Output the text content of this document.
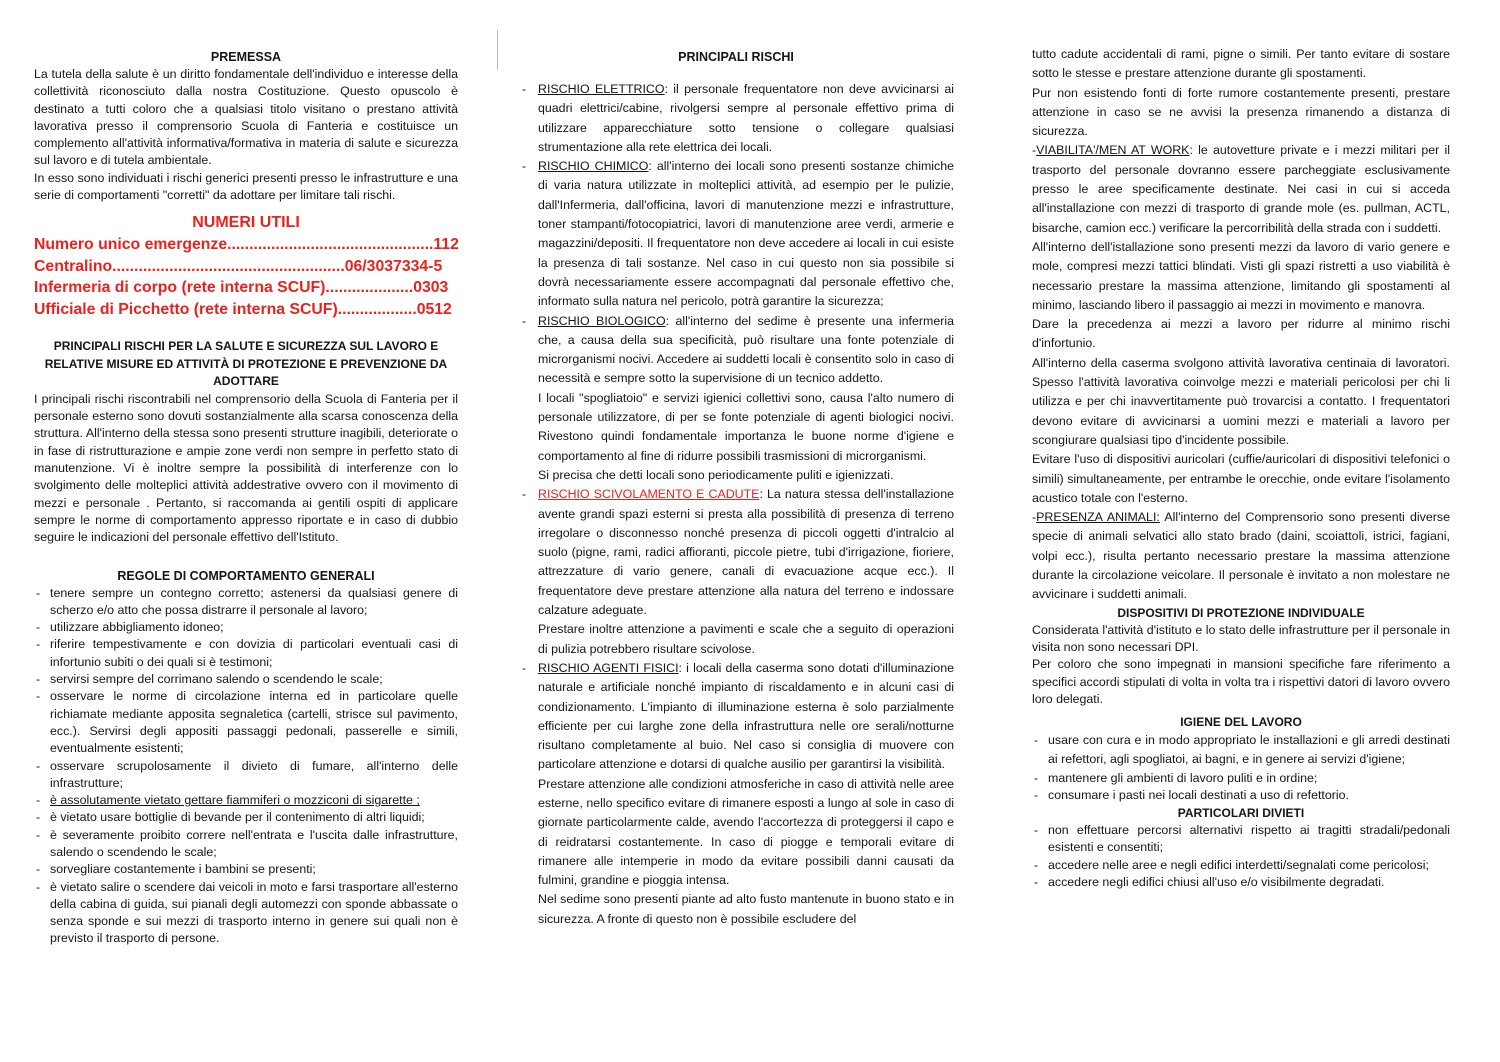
PREMESSA

La tutela della salute è un diritto fondamentale dell'individuo e interesse della collettività riconosciuto dalla nostra Costituzione. Questo opuscolo è destinato a tutti coloro che a qualsiasi titolo visitano o prestano attività lavorativa presso il comprensorio Scuola di Fanteria e costituisce un complemento all'attività informativa/formativa in materia di salute e sicurezza sul lavoro e di tutela ambientale.

In esso sono individuati i rischi generici presenti presso le infrastrutture e una serie di comportamenti "corretti" da adottare per limitare tali rischi.

NUMERI UTILI
Numero unico emergenze...............................................112
Centralino.....................................................06/3037334-5
Infermeria di corpo (rete interna SCUF)....................0303
Ufficiale di Picchetto (rete interna SCUF)..................0512
PRINCIPALI RISCHI PER LA SALUTE E SICUREZZA SUL LAVORO E RELATIVE MISURE ED ATTIVITÀ DI PROTEZIONE E PREVENZIONE DA ADOTTARE

I principali rischi riscontrabili nel comprensorio della Scuola di Fanteria per il personale esterno sono dovuti sostanzialmente alla scarsa conoscenza della struttura. All'interno della stessa sono presenti strutture inagibili, deteriorate o in fase di ristrutturazione e ampie zone verdi non sempre in perfetto stato di manutenzione. Vi è inoltre sempre la possibilità di interferenze con lo svolgimento delle molteplici attività addestrative ovvero con il movimento di mezzi e personale . Pertanto, si raccomanda ai gentili ospiti di applicare sempre le norme di comportamento appresso riportate e in caso di dubbio seguire le indicazioni del personale effettivo dell'Istituto.

REGOLE DI COMPORTAMENTO GENERALI
- tenere sempre un contegno corretto; astenersi da qualsiasi genere di scherzo e/o atto che possa distrarre il personale al lavoro;
- utilizzare abbigliamento idoneo;
- riferire tempestivamente e con dovizia di particolari eventuali casi di infortunio subiti o dei quali si è testimoni;
- servirsi sempre del corrimano salendo o scendendo le scale;
- osservare le norme di circolazione interna ed in particolare quelle richiamate mediante apposita segnaletica (cartelli, strisce sul pavimento, ecc.). Servirsi degli appositi passaggi pedonali, passerelle e simili, eventualmente esistenti;
- osservare scrupolosamente il divieto di fumare, all'interno delle infrastrutture;
- è assolutamente vietato gettare fiammiferi o mozziconi di sigarette ;
- è vietato usare bottiglie di bevande per il contenimento di altri liquidi;
- è severamente proibito correre nell'entrata e l'uscita dalle infrastrutture, salendo o scendendo le scale;
- sorvegliare costantemente i bambini se presenti;
- è vietato salire o scendere dai veicoli in moto e farsi trasportare all'esterno della cabina di guida, sui pianali degli automezzi con sponde abbassate o senza sponde e sui mezzi di trasporto interno in genere sui quali non è previsto il trasporto di persone.
PRINCIPALI RISCHI
- RISCHIO ELETTRICO: il personale frequentatore non deve avvicinarsi ai quadri elettrici/cabine, rivolgersi sempre al personale effettivo prima di utilizzare apparecchiature sotto tensione o collegare qualsiasi strumentazione alla rete elettrica dei locali.
- RISCHIO CHIMICO: all'interno dei locali sono presenti sostanze chimiche di varia natura utilizzate in molteplici attività, ad esempio per le pulizie, dall'Infermeria, dall'officina, lavori di manutenzione mezzi e infrastrutture, toner stampanti/fotocopiatrici, lavori di manutenzione aree verdi, armerie e magazzini/depositi. Il frequentatore non deve accedere ai locali in cui esiste la presenza di tali sostanze. Nel caso in cui questo non sia possibile si dovrà necessariamente essere accompagnati dal personale effettivo che, informato sulla natura nel pericolo, potrà garantire la sicurezza;
- RISCHIO BIOLOGICO: all'interno del sedime è presente una infermeria che, a causa della sua specificità, può risultare una fonte potenziale di microrganismi nocivi. Accedere ai suddetti locali è consentito solo in caso di necessità e sempre sotto la supervisione di un tecnico addetto.

I locali "spogliatoio" e servizi igienici collettivi sono, causa l'alto numero di personale utilizzatore, di per se fonte potenziale di agenti biologici nocivi. Rivestono quindi fondamentale importanza le buone norme d'igiene e comportamento al fine di ridurre possibili trasmissioni di microrganismi.

Si precisa che detti locali sono periodicamente puliti e igienizzati.

- RISCHIO SCIVOLAMENTO E CADUTE: La natura stessa dell'installazione avente grandi spazi esterni si presta alla possibilità di presenza di terreno irregolare o disconnesso nonché presenza di piccoli oggetti d'intralcio al suolo (pigne, rami, radici affioranti, piccole pietre, tubi d'irrigazione, fioriere, attrezzature di vario genere, canali di evacuazione acque ecc.). Il frequentatore deve prestare attenzione alla natura del terreno e indossare calzature adeguate.

Prestare inoltre attenzione a pavimenti e scale che a seguito di operazioni di pulizia potrebbero risultare scivolose.

- RISCHIO AGENTI FISICI: i locali della caserma sono dotati d'illuminazione naturale e artificiale nonché impianto di riscaldamento e in alcuni casi di condizionamento. L'impianto di illuminazione esterna è solo parzialmente efficiente per cui larghe zone della infrastruttura nelle ore serali/notturne risultano completamente al buio. Nel caso si consiglia di muovere con particolare attenzione e dotarsi di qualche ausilio per garantirsi la visibilità.

Prestare attenzione alle condizioni atmosferiche in caso di attività nelle aree esterne, nello specifico evitare di rimanere esposti a lungo al sole in caso di giornate particolarmente calde, avendo l'accortezza di proteggersi il capo e di reidratarsi costantemente. In caso di piogge e temporali evitare di rimanere alle intemperie in modo da evitare possibili danni causati da fulmini, grandine e pioggia intensa.

Nel sedime sono presenti piante ad alto fusto mantenute in buono stato e in sicurezza. A fronte di questo non è possibile escludere del

tutto cadute accidentali di rami, pigne o simili. Per tanto evitare di sostare sotto le stesse e prestare attenzione durante gli spostamenti.

Pur non esistendo fonti di forte rumore costantemente presenti, prestare attenzione in caso se ne avvisi la presenza rimanendo a distanza di sicurezza.

-VIABILITA'/MEN AT WORK: le autovetture private e i mezzi militari per il trasporto del personale dovranno essere parcheggiate esclusivamente presso le aree specificamente destinate. Nei casi in cui si acceda all'installazione con mezzi di trasporto di grande mole (es. pullman, ACTL, bisarche, camion ecc.) verificare la percorribilità della strada con i suddetti.

All'interno dell'istallazione sono presenti mezzi da lavoro di vario genere e mole, compresi mezzi tattici blindati. Visti gli spazi ristretti a uso viabilità è necessario prestare la massima attenzione, limitando gli spostamenti al minimo, lasciando libero il passaggio ai mezzi in movimento e manovra.

Dare la precedenza ai mezzi a lavoro per ridurre al minimo rischi d'infortunio.

All'interno della caserma svolgono attività lavorativa centinaia di lavoratori. Spesso l'attività lavorativa coinvolge mezzi e materiali pericolosi per chi li utilizza e per chi inavvertitamente può trovarcisi a contatto. I frequentatori devono evitare di avvicinarsi a uomini mezzi e materiali a lavoro per scongiurare qualsiasi tipo d'incidente possibile.

Evitare l'uso di dispositivi auricolari (cuffie/auricolari di dispositivi telefonici o simili) simultaneamente, per entrambe le orecchie, onde evitare l'isolamento acustico totale con l'esterno.

-PRESENZA ANIMALI: All'interno del Comprensorio sono presenti diverse specie di animali selvatici allo stato brado (daini, scoiattoli, istrici, fagiani, volpi ecc.), risulta pertanto necessario prestare la massima attenzione durante la circolazione veicolare. Il personale è invitato a non molestare ne avvicinare i suddetti animali.

DISPOSITIVI DI PROTEZIONE INDIVIDUALE

Considerata l'attività d'istituto e lo stato delle infrastrutture per il personale in visita non sono necessari DPI.

Per coloro che sono impegnati in mansioni specifiche fare riferimento a specifici accordi stipulati di volta in volta tra i rispettivi datori di lavoro ovvero loro delegati.

IGIENE DEL LAVORO
- usare con cura e in modo appropriato le installazioni e gli arredi destinati ai refettori, agli spogliatoi, ai bagni, e in genere ai servizi d'igiene;
- mantenere gli ambienti di lavoro puliti e in ordine;
- consumare i pasti nei locali destinati a uso di refettorio.
PARTICOLARI DIVIETI
- non effettuare percorsi alternativi rispetto ai tragitti stradali/pedonali esistenti e consentiti;
- accedere nelle aree e negli edifici interdetti/segnalati come pericolosi;
- accedere negli edifici chiusi all'uso e/o visibilmente degradati.
